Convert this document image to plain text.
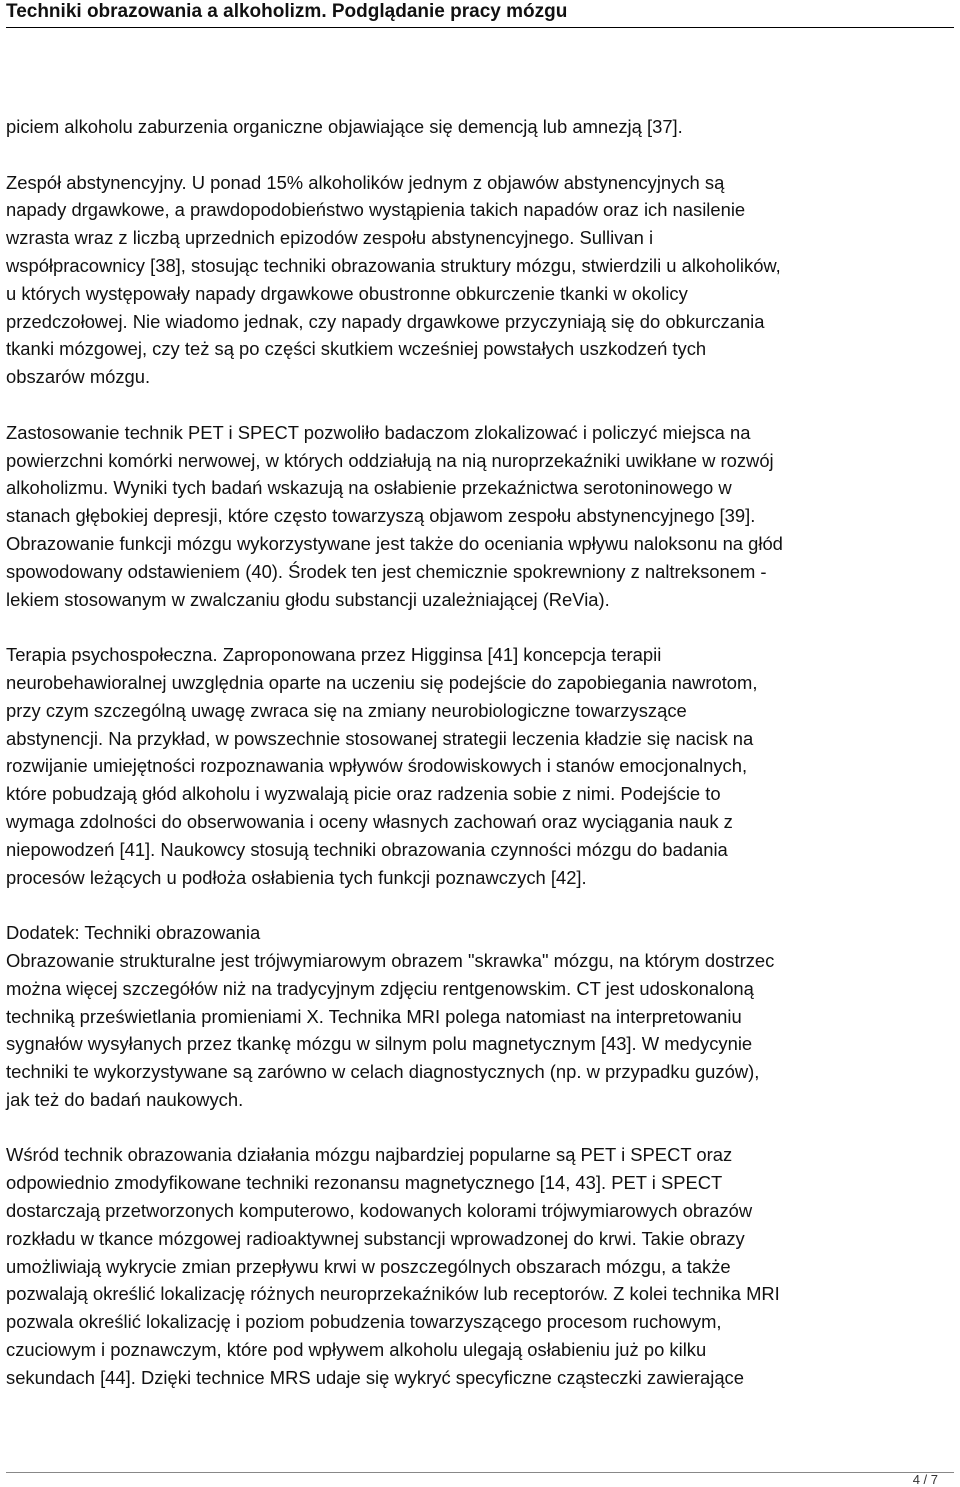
Techniki obrazowania a alkoholizm. Podglądanie pracy mózgu

piciem alkoholu zaburzenia organiczne objawiające się demencją lub amnezją [37].

Zespół abstynencyjny. U ponad 15% alkoholików jednym z objawów abstynencyjnych są
napady drgawkowe, a prawdopodobieństwo wystąpienia takich napadów oraz ich nasilenie
wzrasta wraz z liczbą uprzednich epizodów zespołu abstynencyjnego. Sullivan i
współpracownicy [38], stosując techniki obrazowania struktury mózgu, stwierdzili u alkoholików,
u których występowały napady drgawkowe obustronne obkurczenie tkanki w okolicy
przedczołowej. Nie wiadomo jednak, czy napady drgawkowe przyczyniają się do obkurczania
tkanki mózgowej, czy też są po części skutkiem wcześniej powstałych uszkodzeń tych
obszarów mózgu.

Zastosowanie technik PET i SPECT pozwoliło badaczom zlokalizować i policzyć miejsca na
powierzchni komórki nerwowej, w których oddziałują na nią nuroprzekaźniki uwikłane w rozwój
alkoholizmu. Wyniki tych badań wskazują na osłabienie przekaźnictwa serotoninowego w
stanach głębokiej depresji, które często towarzyszą objawom zespołu abstynencyjnego [39].
Obrazowanie funkcji mózgu wykorzystywane jest także do oceniania wpływu naloksonu na głód
spowodowany odstawieniem (40). Środek ten jest chemicznie spokrewniony z naltreksonem -
lekiem stosowanym w zwalczaniu głodu substancji uzależniającej (ReVia).

Terapia psychospołeczna. Zaproponowana przez Higginsa [41] koncepcja terapii
neurobehawioralnej uwzględnia oparte na uczeniu się podejście do zapobiegania nawrotom,
przy czym szczególną uwagę zwraca się na zmiany neurobiologiczne towarzyszące
abstynencji. Na przykład, w powszechnie stosowanej strategii leczenia kładzie się nacisk na
rozwijanie umiejętności rozpoznawania wpływów środowiskowych i stanów emocjonalnych,
które pobudzają głód alkoholu i wyzwalają picie oraz radzenia sobie z nimi. Podejście to
wymaga zdolności do obserwowania i oceny własnych zachowań oraz wyciągania nauk z
niepowodzeń [41]. Naukowcy stosują techniki obrazowania czynności mózgu do badania
procesów leżących u podłoża osłabienia tych funkcji poznawczych [42].

Dodatek: Techniki obrazowania
Obrazowanie strukturalne jest trójwymiarowym obrazem "skrawka" mózgu, na którym dostrzec
można więcej szczegółów niż na tradycyjnym zdjęciu rentgenowskim. CT jest udoskonaloną
techniką prześwietlania promieniami X. Technika MRI polega natomiast na interpretowaniu
sygnałów wysyłanych przez tkankę mózgu w silnym polu magnetycznym [43]. W medycynie
techniki te wykorzystywane są zarówno w celach diagnostycznych (np. w przypadku guzów),
jak też do badań naukowych.

Wśród technik obrazowania działania mózgu najbardziej popularne są PET i SPECT oraz
odpowiednio zmodyfikowane techniki rezonansu magnetycznego [14, 43]. PET i SPECT
dostarczają przetworzonych komputerowo, kodowanych kolorami trójwymiarowych obrazów
rozkładu w tkance mózgowej radioaktywnej substancji wprowadzonej do krwi. Takie obrazy
umożliwiają wykrycie zmian przepływu krwi w poszczególnych obszarach mózgu, a także
pozwalają określić lokalizację różnych neuroprzekaźników lub receptorów. Z kolei technika MRI
pozwala określić lokalizację i poziom pobudzenia towarzyszącego procesom ruchowym,
czuciowym i poznawczym, które pod wpływem alkoholu ulegają osłabieniu już po kilku
sekundach [44]. Dzięki technice MRS udaje się wykryć specyficzne cząsteczki zawierające

4 / 7
